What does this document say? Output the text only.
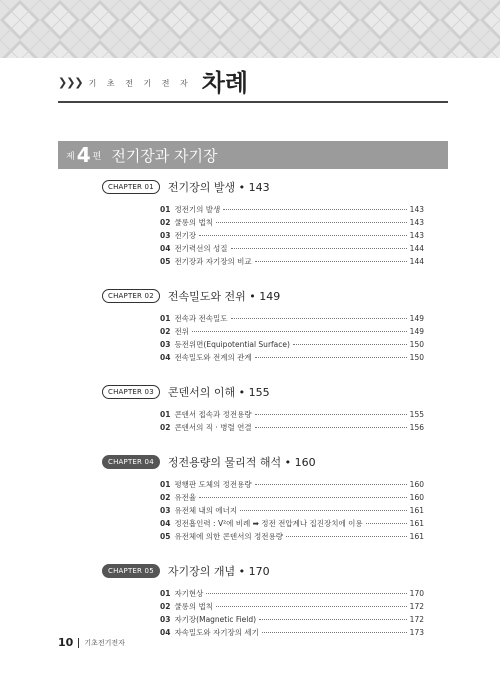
❯❯❯ 기 초 전 기 전 자 차례
제 4 편 전기장과 자기장
CHAPTER 01	전기장의 발생 • 143
01 정전기의 발생	143
02 쿨롱의 법칙	143
03 전기장	143
04 전기력선의 성질	144
05 전기장과 자기장의 비교	144
CHAPTER 02	전속밀도와 전위 • 149
01 전속과 전속밀도	149
02 전위	149
03 등전위면(Equipotential Surface)	150
04 전속밀도와 전계의 관계	150
CHAPTER 03	콘덴서의 이해 • 155
01 콘덴서 접속과 정전용량	155
02 콘덴서의 직 · 병렬 연결	156
CHAPTER 04	정전용량의 물리적 해석 • 160
01 평행판 도체의 정전용량	160
02 유전율	160
03 유전체 내의 에너지	161
04 정전흡인력 : V²에 비례 ➡ 정전 전압계나 집진장치에 이용	161
05 유전체에 의한 콘덴서의 정전용량	161
CHAPTER 05	자기장의 개념 • 170
01 자기현상	170
02 쿨롱의 법칙	172
03 자기장(Magnetic Field)	172
04 자속밀도와 자기장의 세기	173
10 기초전기전자
